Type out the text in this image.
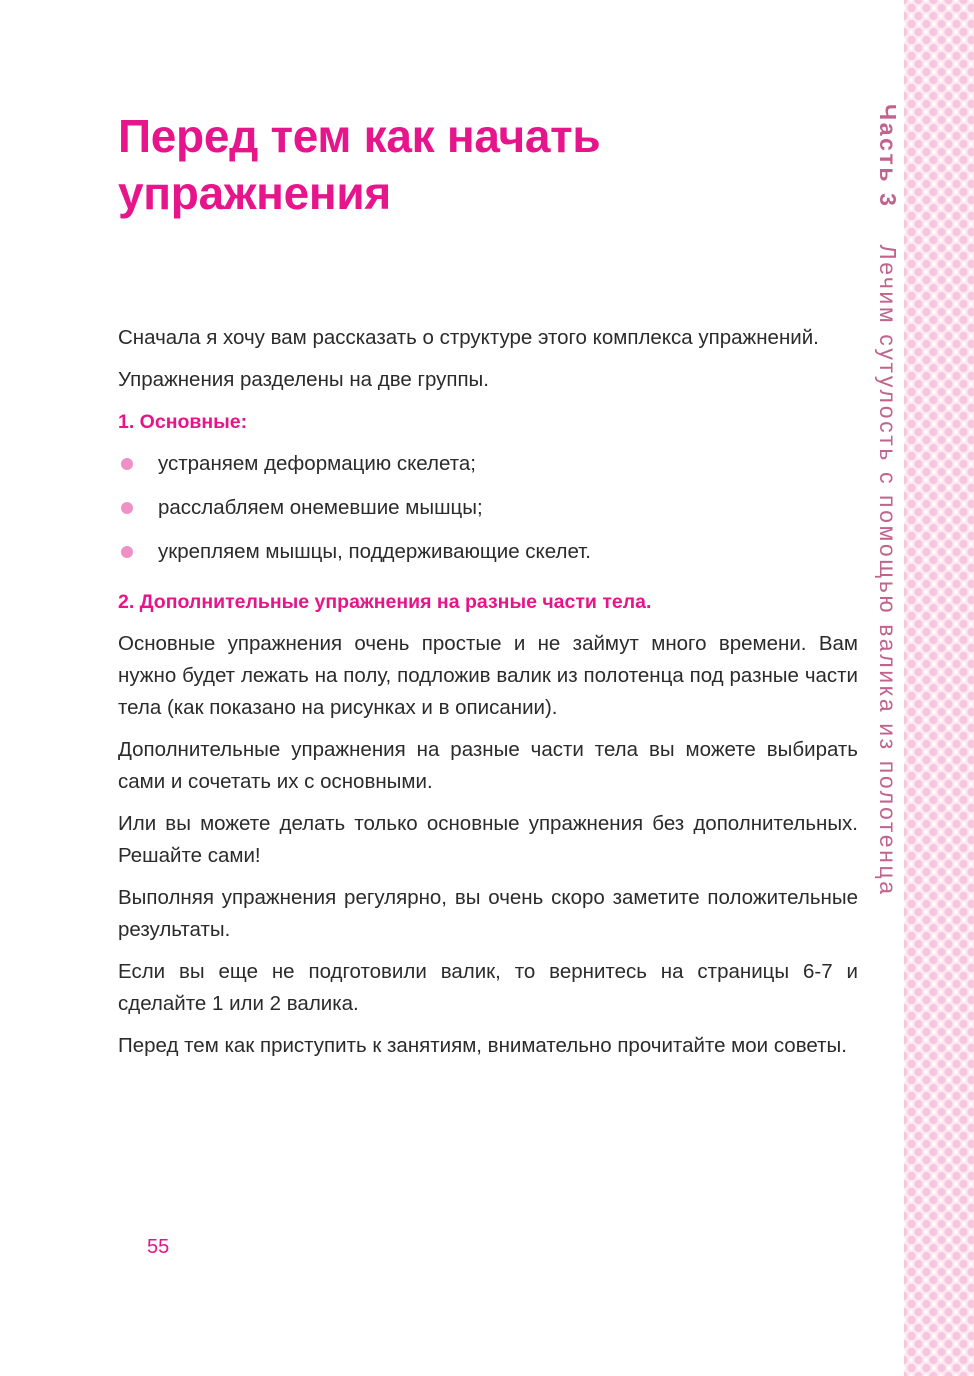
Перед тем как начать упражнения

Сначала я хочу вам рассказать о структуре этого комплекса упражнений.

Упражнения разделены на две группы.

1. Основные:

устраняем деформацию скелета;
расслабляем онемевшие мышцы;
укрепляем мышцы, поддерживающие скелет.

2. Дополнительные упражнения на разные части тела.

Основные упражнения очень простые и не займут много времени. Вам нужно будет лежать на полу, подложив валик из полотенца под разные части тела (как показано на рисунках и в описании).

Дополнительные упражнения на разные части тела вы можете выбирать сами и сочетать их с основными.

Или вы можете делать только основные упражнения без дополнительных. Решайте сами!

Выполняя упражнения регулярно, вы очень скоро заметите положительные результаты.

Если вы еще не подготовили валик, то вернитесь на страницы 6-7 и сделайте 1 или 2 валика.

Перед тем как приступить к занятиям, внимательно прочитайте мои советы.

55
Часть 3Лечим сутулость с помощью валика из полотенца
